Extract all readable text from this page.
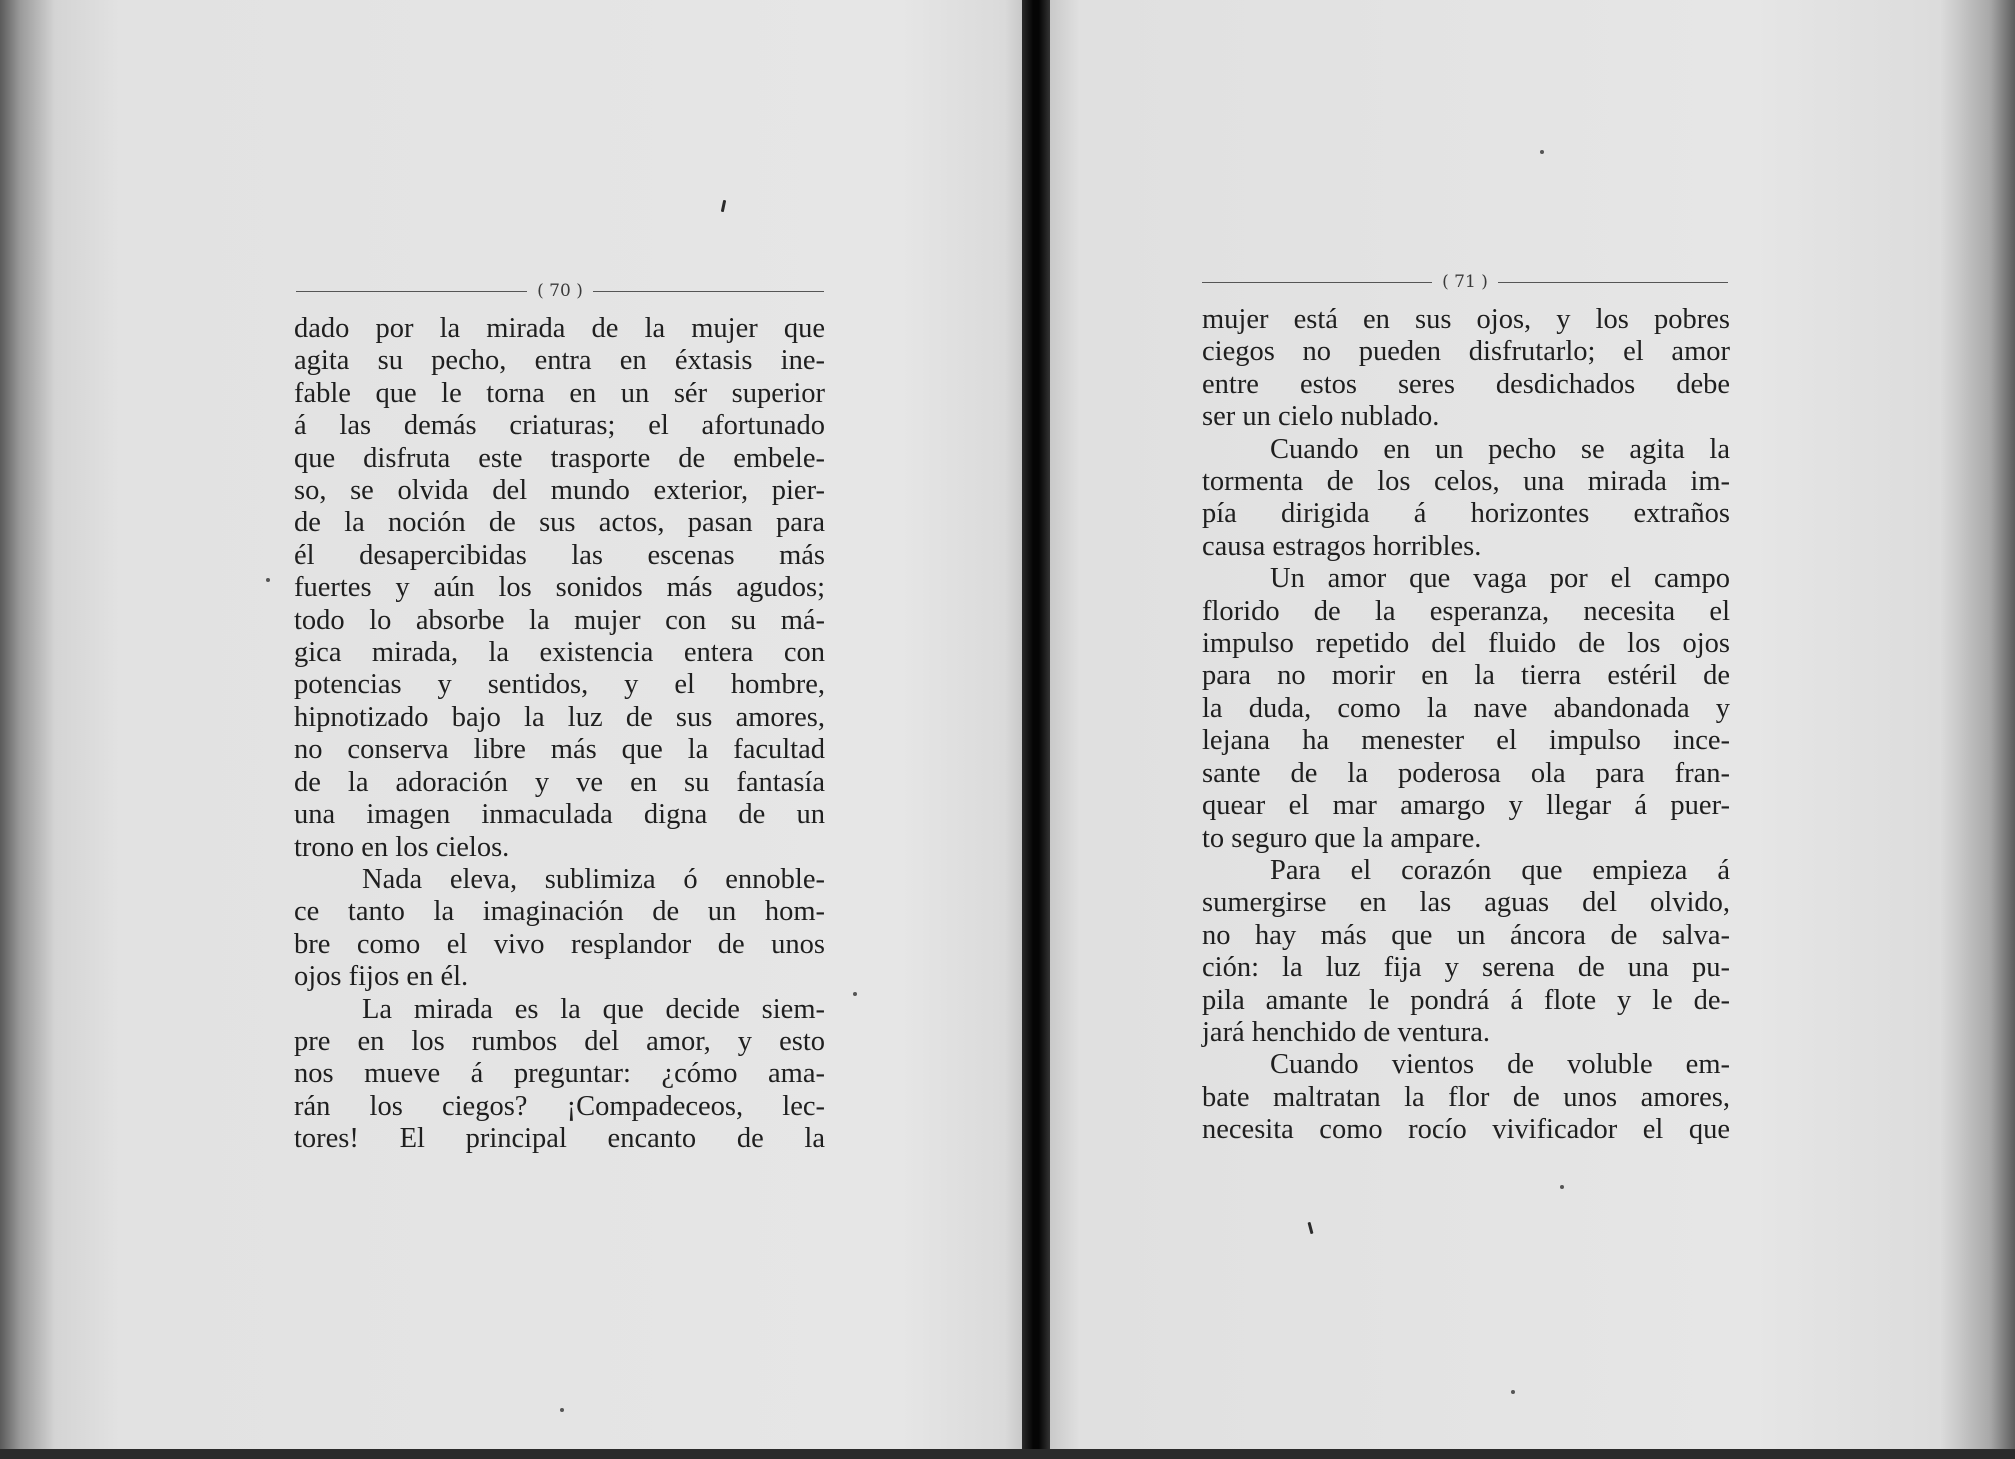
( 70 )
dado por la mirada de la mujer que
agita su pecho, entra en éxtasis ine-
fable que le torna en un sér superior
á las demás criaturas; el afortunado
que disfruta este trasporte de embele-
so, se olvida del mundo exterior, pier-
de la noción de sus actos, pasan para
él desapercibidas las escenas más
fuertes y aún los sonidos más agudos;
todo lo absorbe la mujer con su má-
gica mirada, la existencia entera con
potencias y sentidos, y el hombre,
hipnotizado bajo la luz de sus amores,
no conserva libre más que la facultad
de la adoración y ve en su fantasía
una imagen inmaculada digna de un
trono en los cielos.
Nada eleva, sublimiza ó ennoble-
ce tanto la imaginación de un hom-
bre como el vivo resplandor de unos
ojos fijos en él.
La mirada es la que decide siem-
pre en los rumbos del amor, y esto
nos mueve á preguntar: ¿cómo ama-
rán los ciegos? ¡Compadeceos, lec-
tores! El principal encanto de la
( 71 )
mujer está en sus ojos, y los pobres
ciegos no pueden disfrutarlo; el amor
entre estos seres desdichados debe
ser un cielo nublado.
Cuando en un pecho se agita la
tormenta de los celos, una mirada im-
pía dirigida á horizontes extraños
causa estragos horribles.
Un amor que vaga por el campo
florido de la esperanza, necesita el
impulso repetido del fluido de los ojos
para no morir en la tierra estéril de
la duda, como la nave abandonada y
lejana ha menester el impulso ince-
sante de la poderosa ola para fran-
quear el mar amargo y llegar á puer-
to seguro que la ampare.
Para el corazón que empieza á
sumergirse en las aguas del olvido,
no hay más que un áncora de salva-
ción: la luz fija y serena de una pu-
pila amante le pondrá á flote y le de-
jará henchido de ventura.
Cuando vientos de voluble em-
bate maltratan la flor de unos amores,
necesita como rocío vivificador el que
